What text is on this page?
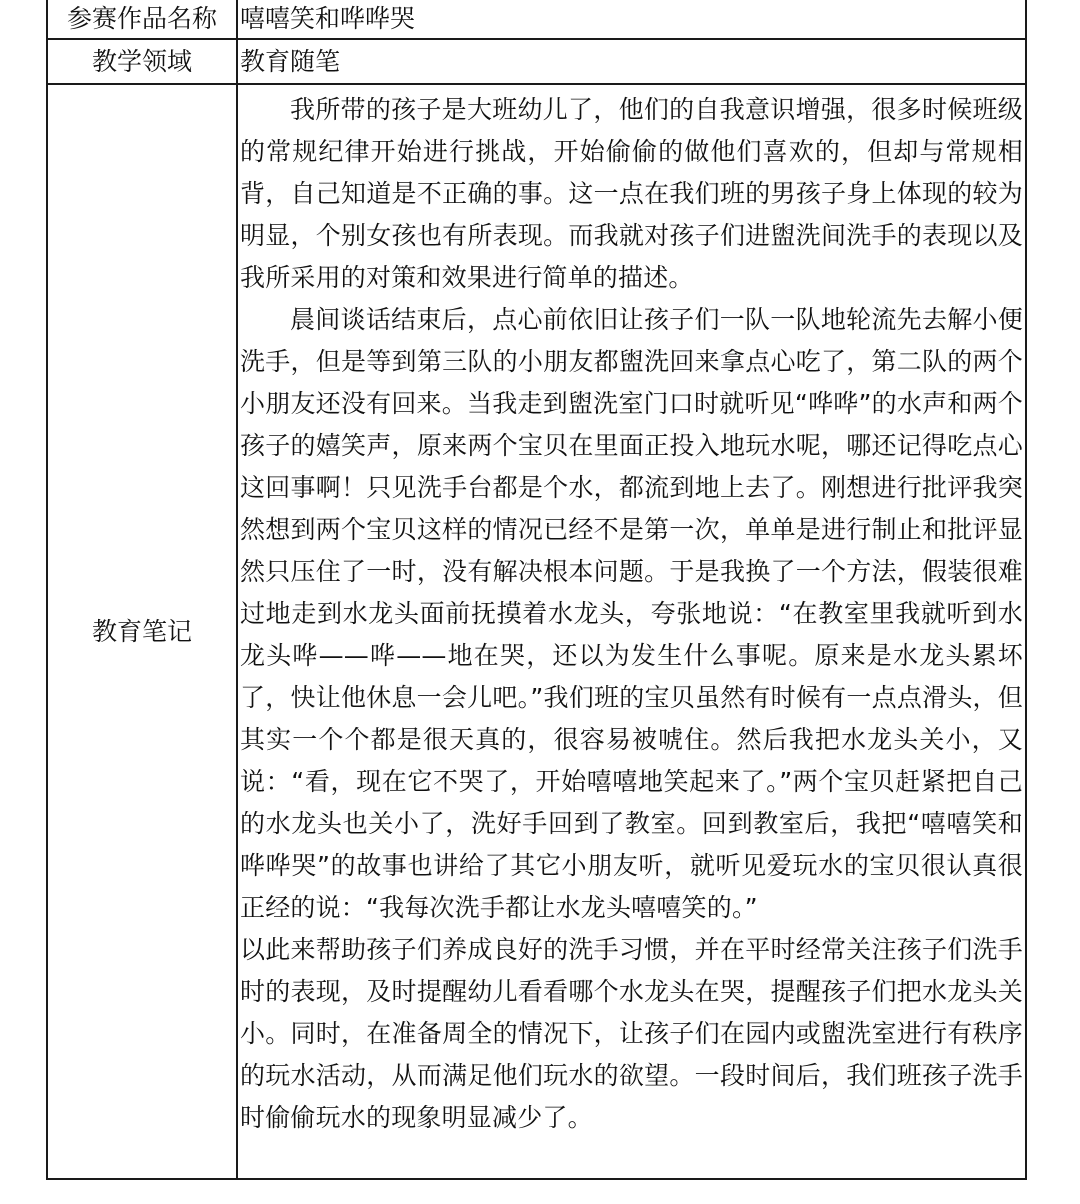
参赛作品名称	嘻嘻笑和哗哗哭
教学领域	教育随笔
教育笔记	我所带的孩子是大班幼儿了，他们的自我意识增强，很多时候班级的常规纪律开始进行挑战，开始偷偷的做他们喜欢的，但却与常规相背，自己知道是不正确的事。这一点在我们班的男孩子身上体现的较为明显，个别女孩也有所表现。而我就对孩子们进盥洗间洗手的表现以及我所采用的对策和效果进行简单的描述。

晨间谈话结束后，点心前依旧让孩子们一队一队地轮流先去解小便洗手，但是等到第三队的小朋友都盥洗回来拿点心吃了，第二队的两个小朋友还没有回来。当我走到盥洗室门口时就听见“哗哗”的水声和两个孩子的嬉笑声，原来两个宝贝在里面正投入地玩水呢，哪还记得吃点心这回事啊！只见洗手台都是个水，都流到地上去了。刚想进行批评我突然想到两个宝贝这样的情况已经不是第一次，单单是进行制止和批评显然只压住了一时，没有解决根本问题。于是我换了一个方法，假装很难过地走到水龙头面前抚摸着水龙头，夸张地说：“在教室里我就听到水龙头哗——哗——地在哭，还以为发生什么事呢。原来是水龙头累坏了，快让他休息一会儿吧。”我们班的宝贝虽然有时候有一点点滑头，但其实一个个都是很天真的，很容易被唬住。然后我把水龙头关小，又说：“看，现在它不哭了，开始嘻嘻地笑起来了。”两个宝贝赶紧把自己的水龙头也关小了，洗好手回到了教室。回到教室后，我把“嘻嘻笑和哗哗哭”的故事也讲给了其它小朋友听，就听见爱玩水的宝贝很认真很正经的说：“我每次洗手都让水龙头嘻嘻笑的。”

以此来帮助孩子们养成良好的洗手习惯，并在平时经常关注孩子们洗手时的表现，及时提醒幼儿看看哪个水龙头在哭，提醒孩子们把水龙头关小。同时，在准备周全的情况下，让孩子们在园内或盥洗室进行有秩序的玩水活动，从而满足他们玩水的欲望。一段时间后，我们班孩子洗手时偷偷玩水的现象明显减少了。
